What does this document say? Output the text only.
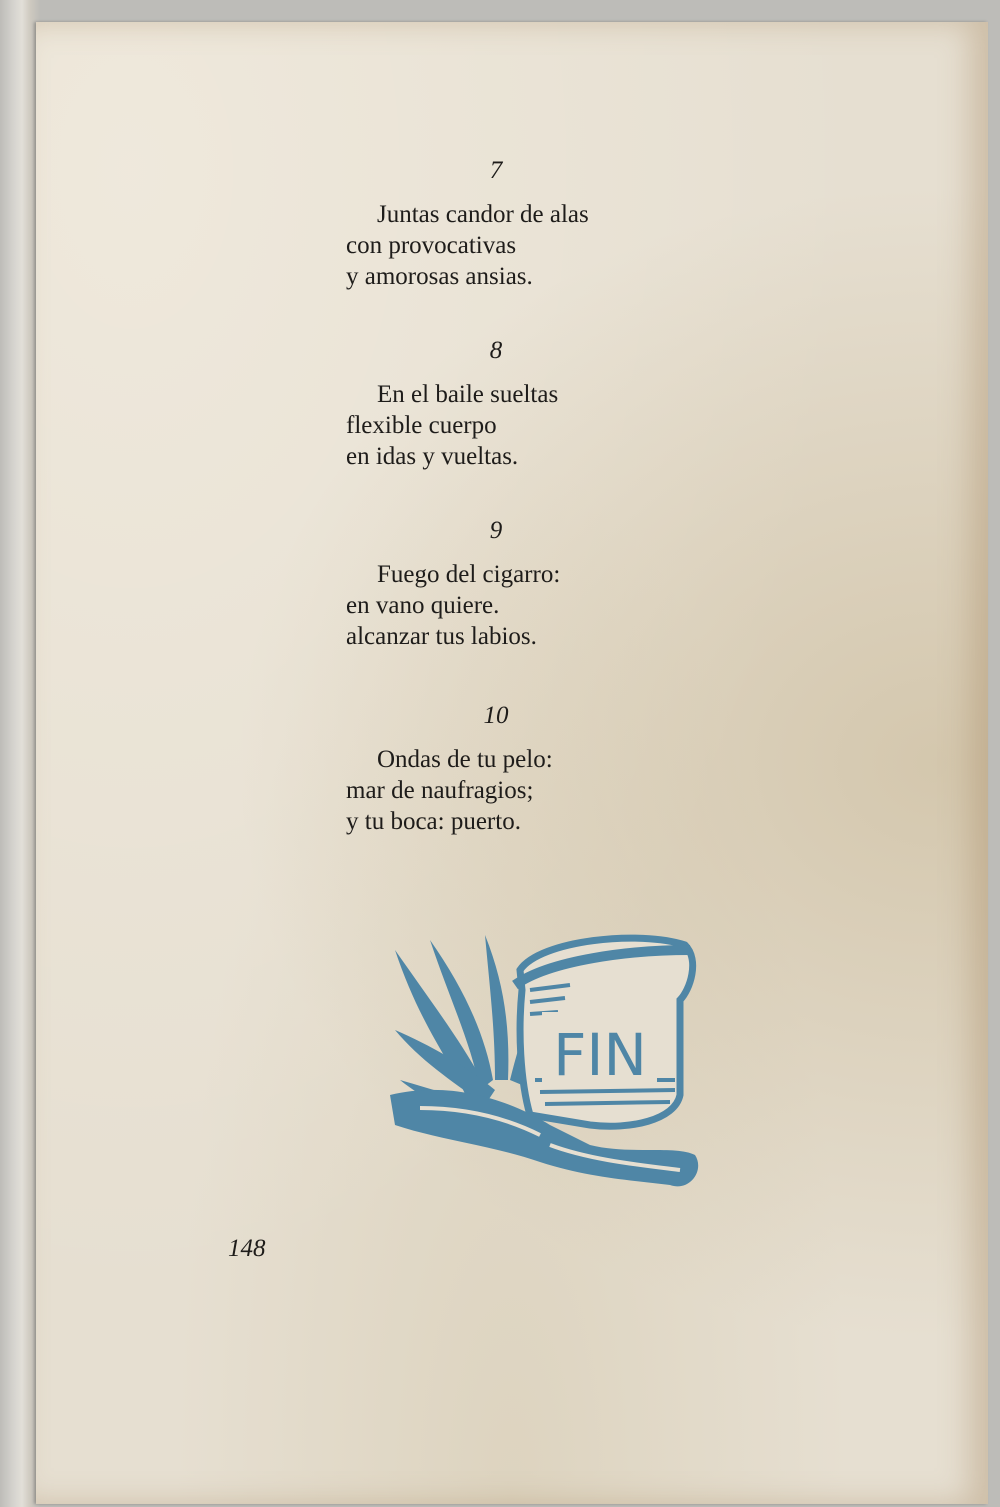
7
Juntas candor de alas
con provocativas
y amorosas ansias.
8
En el baile sueltas
flexible cuerpo
en idas y vueltas.
9
Fuego del cigarro:
en vano quiere.
alcanzar tus labios.
10
Ondas de tu pelo:
mar de naufragios;
y tu boca: puerto.
FIN
148
